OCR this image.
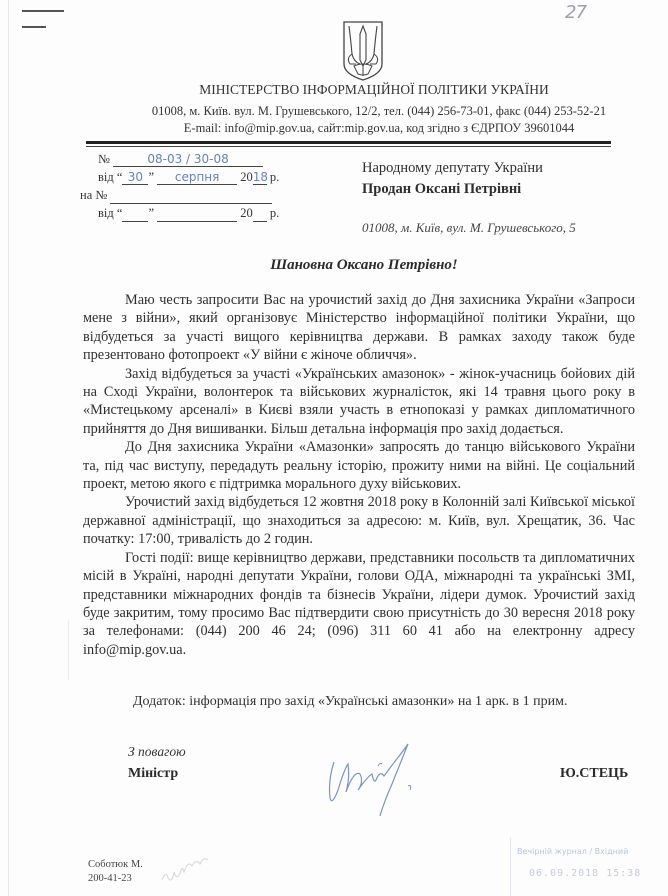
27
МІНІСТЕРСТВО ІНФОРМАЦІЙНОЇ ПОЛІТИКИ УКРАЇНИ
01008, м. Київ. вул. М. Грушевського, 12/2, тел. (044) 256-73-01, факс (044) 253-52-21
E-mail: info@mip.gov.ua, сайт:mip.gov.ua, код згідно з ЄДРПОУ 39601044
№	08-03 / 30-08
від “ 30 ” серпня 2018 р.
на №
від “ ”	20 р.
Народному депутату України
Продан Оксані Петрівні
01008, м. Київ, вул. М. Грушевського, 5
Шановна Оксано Петрівно!

Маю честь запросити Вас на урочистий захід до Дня захисника України «Запроси мене з війни», який організовує Міністерство інформаційної політики України, що відбудеться за участі вищого керівництва держави. В рамках заходу також буде презентовано фотопроект «У війни є жіноче обличчя».

Захід відбудеться за участі «Українських амазонок» - жінок-учасниць бойових дій на Сході України, волонтерок та військових журналісток, які 14 травня цього року в «Мистецькому арсеналі» в Києві взяли участь в етнопоказі у рамках дипломатичного прийняття до Дня вишиванки. Більш детальна інформація про захід додається.

До Дня захисника України «Амазонки» запросять до танцю військового України та, під час виступу, передадуть реальну історію, прожиту ними на війні. Це соціальний проект, метою якого є підтримка морального духу військових.

Урочистий захід відбудеться 12 жовтня 2018 року в Колонній залі Київської міської державної адміністрації, що знаходиться за адресою: м. Київ, вул. Хрещатик, 36. Час початку: 17:00, тривалість до 2 годин.

Гості події: вище керівництво держави, представники посольств та дипломатичних місій в Україні, народні депутати України, голови ОДА, міжнародні та українські ЗМІ, представники міжнародних фондів та бізнесів України, лідери думок. Урочистий захід буде закритим, тому просимо Вас підтвердити свою присутність до 30 вересня 2018 року за телефонами: (044) 200 46 24; (096) 311 60 41 або на електронну адресу info@mip.gov.ua.

Додаток: інформація про захід «Українські амазонки» на 1 арк. в 1 прим.
З повагою
Міністр	Ю.СТЕЦЬ
Соботюк М.
200-41-23
Вечірній журнал / Вхідний
06.09.2018 15:38
